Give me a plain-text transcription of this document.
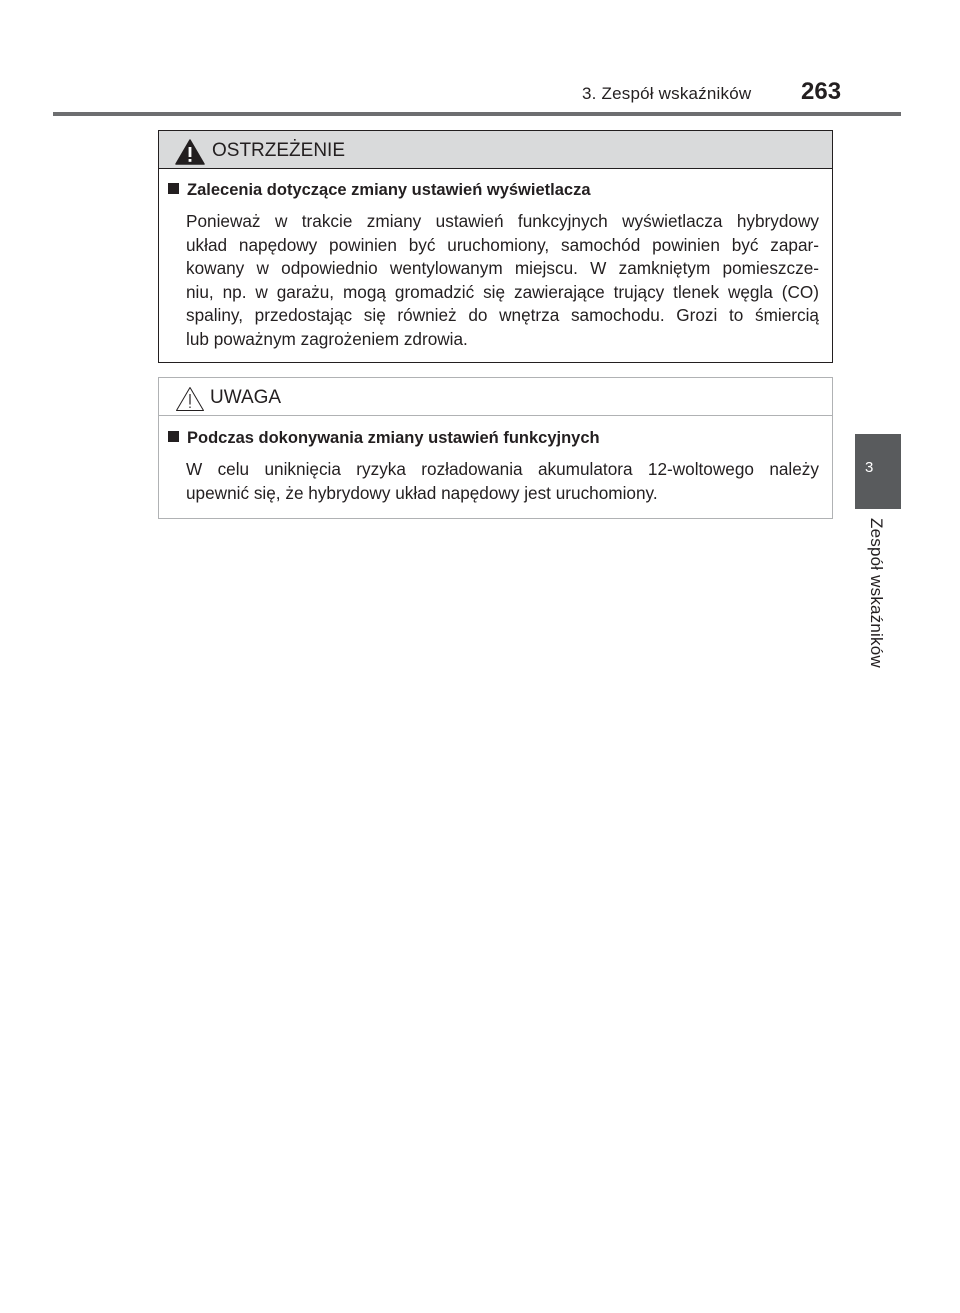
3. Zespół wskaźników 263
3
Zespół wskaźników
OSTRZEŻENIE
Zalecenia dotyczące zmiany ustawień wyświetlacza
Ponieważ w trakcie zmiany ustawień funkcyjnych wyświetlacza hybrydowy
układ napędowy powinien być uruchomiony, samochód powinien być zapar-
kowany w odpowiednio wentylowanym miejscu. W zamkniętym pomieszcze-
niu, np. w garażu, mogą gromadzić się zawierające trujący tlenek węgla (CO)
spaliny, przedostając się również do wnętrza samochodu. Grozi to śmiercią
lub poważnym zagrożeniem zdrowia.
UWAGA
Podczas dokonywania zmiany ustawień funkcyjnych
W celu uniknięcia ryzyka rozładowania akumulatora 12-woltowego należy
upewnić się, że hybrydowy układ napędowy jest uruchomiony.
